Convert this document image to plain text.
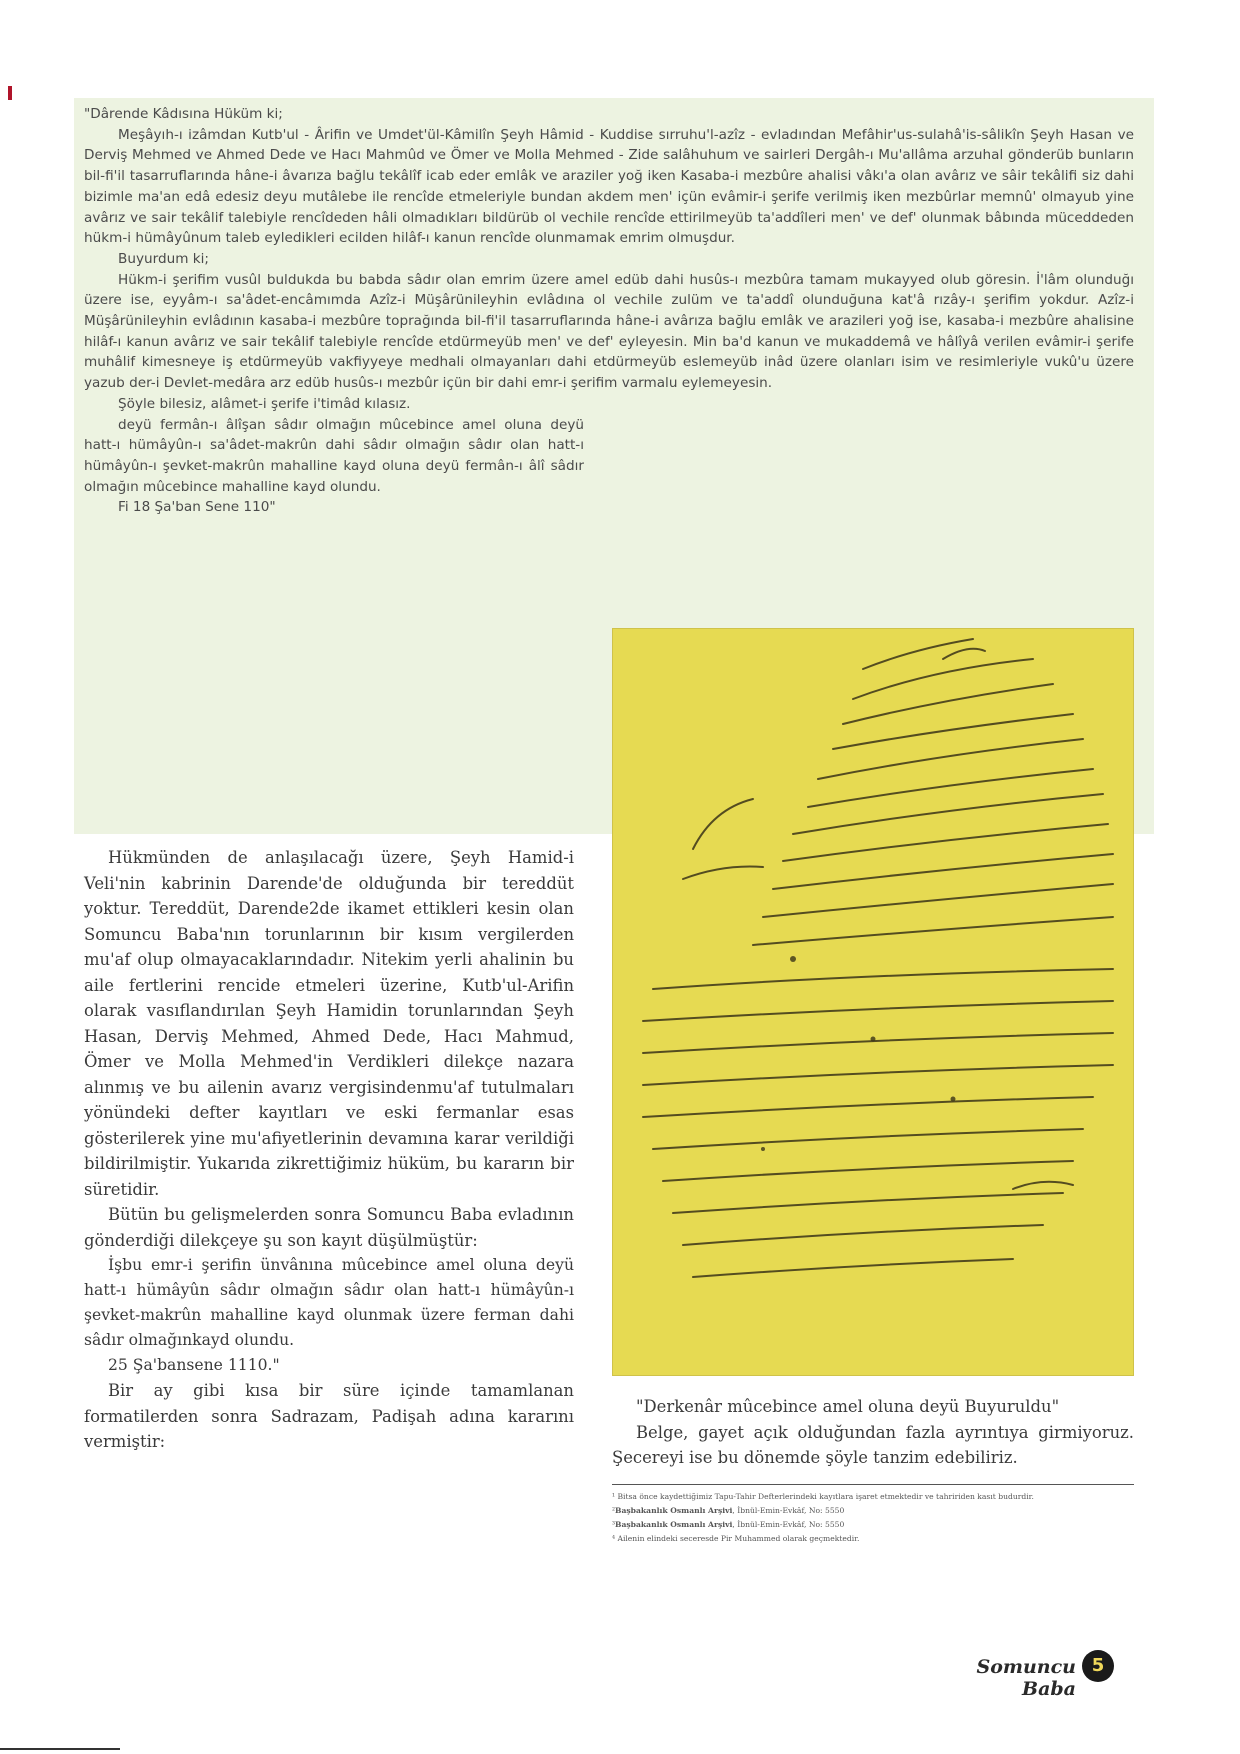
"Dârende Kâdısına Hüküm ki;

Meşâyıh-ı izâmdan Kutb'ul - Ârifin ve Umdet'ül-Kâmilîn Şeyh Hâmid - Kuddise sırruhu'l-azîz - evladından Mefâhir'us-sulahâ'is-sâlikîn Şeyh Hasan ve Derviş Mehmed ve Ahmed Dede ve Hacı Mahmûd ve Ömer ve Molla Mehmed - Zide salâhuhum ve sairleri Dergâh-ı Mu'allâma arzuhal gönderüb bunların bil-fi'il tasarruflarında hâne-i âvarıza bağlu tekâlîf icab eder emlâk ve araziler yoğ iken Kasaba-i mezbûre ahalisi vâkı'a olan avârız ve sâir tekâlifi siz dahi bizimle ma'an edâ edesiz deyu mutâlebe ile rencîde etmeleriyle bundan akdem men' içün evâmir-i şerife verilmiş iken mezbûrlar memnû' olmayub yine avârız ve sair tekâlif talebiyle rencîdeden hâli olmadıkları bildürüb ol vechile rencîde ettirilmeyüb ta'addîleri men' ve def' olunmak bâbında müceddeden hükm-i hümâyûnum taleb eyledikleri ecilden hilâf-ı kanun rencîde olunmamak emrim olmuşdur.

Buyurdum ki;

Hükm-i şerifim vusûl buldukda bu babda sâdır olan emrim üzere amel edüb dahi husûs-ı mezbûra tamam mukayyed olub göresin. İ'lâm olunduğı üzere ise, eyyâm-ı sa'âdet-encâmımda Azîz-i Müşârünileyhin evlâdına ol vechile zulüm ve ta'addî olunduğuna kat'â rızây-ı şerifim yokdur. Azîz-i Müşârünileyhin evlâdının kasaba-i mezbûre toprağında bil-fi'il tasarruflarında hâne-i avârıza bağlu emlâk ve arazileri yoğ ise, kasaba-i mezbûre ahalisine hilâf-ı kanun avârız ve sair tekâlif talebiyle rencîde etdürmeyüb men' ve def' eyleyesin. Min ba'd kanun ve mukaddemâ ve hâlîyâ verilen evâmir-i şerife muhâlif kimesneye iş etdürmeyüb vakfiyyeye medhali olmayanları dahi etdürmeyüb eslemeyüb inâd üzere olanları isim ve resimleriyle vukû'u üzere yazub der-i Devlet-medâra arz edüb husûs-ı mezbûr içün bir dahi emr-i şerifim varmalu eylemeyesin.

Şöyle bilesiz, alâmet-i şerife i'timâd kılasız.

deyü fermân-ı âlîşan sâdır olmağın mûcebince amel oluna deyü hatt-ı hümâyûn-ı sa'âdet-makrûn dahi sâdır olmağın sâdır olan hatt-ı hümâyûn-ı şevket-makrûn mahalline kayd oluna deyü fermân-ı âlî sâdır olmağın mûcebince mahalline kayd olundu.

Fi 18 Şa'ban Sene 110"

Hükmünden de anlaşılacağı üzere, Şeyh Hamid-i Veli'nin kabrinin Darende'de olduğunda bir tereddüt yoktur. Tereddüt, Darende2de ikamet ettikleri kesin olan Somuncu Baba'nın torunlarının bir kısım vergilerden mu'af olup olmayacaklarındadır. Nitekim yerli ahalinin bu aile fertlerini rencide etmeleri üzerine, Kutb'ul-Arifin olarak vasıflandırılan Şeyh Hamidin torunlarından Şeyh Hasan, Derviş Mehmed, Ahmed Dede, Hacı Mahmud, Ömer ve Molla Mehmed'in Verdikleri dilekçe nazara alınmış ve bu ailenin avarız vergisindenmu'af tutulmaları yönündeki defter kayıtları ve eski fermanlar esas gösterilerek yine mu'afiyetlerinin devamına karar verildiği bildirilmiştir. Yukarıda zikrettiğimiz hüküm, bu kararın bir süretidir.

Bütün bu gelişmelerden sonra Somuncu Baba evladının gönderdiği dilekçeye şu son kayıt düşülmüştür:

İşbu emr-i şerifin ünvânına mûcebince amel oluna deyü hatt-ı hümâyûn sâdır olmağın sâdır olan hatt-ı hümâyûn-ı şevket-makrûn mahalline kayd olunmak üzere ferman dahi sâdır olmağınkayd olundu.

25 Şa'bansene 1110."

Bir ay gibi kısa bir süre içinde tamamlanan formatilerden sonra Sadrazam, Padişah adına kararını vermiştir:

"Derkenâr mûcebince amel oluna deyü Buyuruldu"

Belge, gayet açık olduğundan fazla ayrıntıya girmiyoruz. Şecereyi ise bu dönemde şöyle tanzim edebiliriz.

¹ Bitsa önce kaydettiğimiz Tapu-Tahir Defterlerindeki kayıtlara işaret etmektedir ve tahririden kasıt budurdir.

²Başbakanlık Osmanlı Arşivi, İbnül-Emin-Evkâf, No: 5550

³Başbakanlık Osmanlı Arşivi, İbnül-Emin-Evkâf, No: 5550

⁴ Ailenin elindeki seceresde Pir Muhammed olarak geçmektedir.

Somuncu Baba
5
